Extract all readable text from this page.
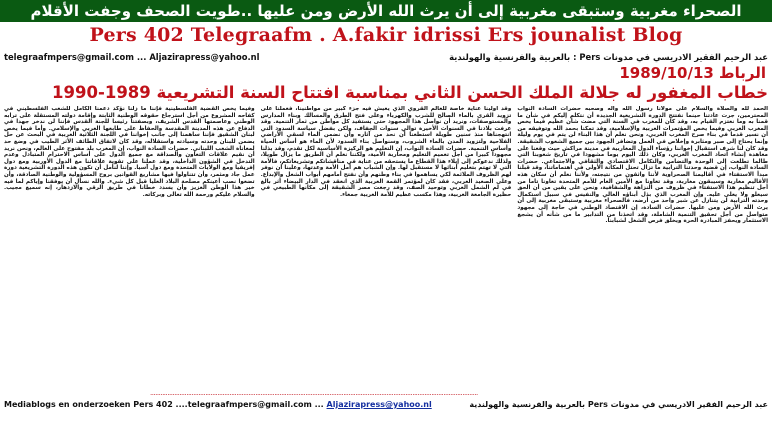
الصحراء مغربية وستبقى مغربية إلى أن يرث الله الأرض ومن عليها ..طويت الصحف وجفت الأقلام
Pers 402 Telegraafm . A.fakir idrissi Ers jounalist Blog
telegraafmpers@gmail.com ... Aljazirapress@yahoo.nl	عبد الرحيم الفقير الادريسي في مدونات Pers : بالعربية والفرنسية والهولندية
الرباط 1989/10/13
خطاب المغفور له جلالة الملك الحسن الثاني بمناسبة افتتاح السنة التشريعية 1989-1990

الحمد لله والصلاة والسلام على مولانا رسول الله وآله وصحبه حضرات السادة النواب المحترمين، جرت عادتنا حينما نفتتح الدورة التشريعية الجديدة أن نتكلم إليكم في شأن ما قمنا به وما نعتزم القيام به، وقد كان للمغرب في السنة التي مضت شأن عظيم فيما يخص المغرب العربي وفيما يخص المؤتمرات العربية والإسلامية، وقد تمكنا بحمد الله وتوفيقه من أن نسير قدما في بناء صرح المغرب العربي، ونحن نعلم أن هذا البناء لن يتم في يوم وليلة وإنما يحتاج إلى صبر ومثابرة وإخلاص في العمل وتضافر الجهود بين جميع الشعوب الشقيقة. وقد كان لنا شرف استقبال إخواننا رؤساء الدول المغاربية في مدينة مراكش حيث وقعنا على معاهدة إنشاء اتحاد المغرب العربي، وكان ذلك اليوم يوما مشهودا في تاريخ شعوبنا التي طالما تطلعت إلى الوحدة والتضامن والتكامل الاقتصادي والثقافي والاجتماعي. حضرات السادة النواب، إن قضية وحدتنا الترابية ما تزال تحتل المكانة الأولى في اهتماماتنا، وقد قبلنا مبدأ الاستفتاء في أقاليمنا الصحراوية لأننا واثقون من نتيجته، ولأننا نعلم أن سكان هذه الأقاليم مغاربة وسيبقون مغاربة، وقد تعاونا مع الأمين العام للأمم المتحدة تعاونا تاما من أجل تنظيم هذا الاستفتاء في ظروف من النزاهة والشفافية، ونحن على يقين من أن الحق سيعلو ولا يعلى عليه. وإن المغرب الذي بذل أبناؤه الغالي والنفيس في سبيل استكمال وحدته الترابية لن يتنازل عن شبر واحد من أرضه، فالصحراء مغربية وستبقى مغربية إلى أن يرث الله الأرض ومن عليها. حضرات السادة، إن الاقتصاد الوطني في حاجة إلى مجهود متواصل من أجل تحقيق التنمية الشاملة، وقد اتخذنا من التدابير ما من شأنه أن يشجع الاستثمار ويحفز المبادرة الحرة ويخلق فرص الشغل لشبابنا.

وقد أولينا عناية خاصة للعالم القروي الذي يعيش فيه جزء كبير من مواطنينا، فعملنا على تزويد القرى بالماء الصالح للشرب والكهرباء وعلى فتح الطرق والمسالك وبناء المدارس والمستوصفات، ونريد أن نواصل هذا المجهود حتى يستفيد كل مواطن من ثمار التنمية. وقد عرفت بلادنا في السنوات الأخيرة توالي سنوات الجفاف، ولكن بفضل سياسة السدود التي انتهجناها منذ سنين طويلة استطعنا أن نحد من آثاره وأن نضمن الماء لسقي الأراضي الفلاحية ولتزويد المدن بالماء الشروب، وسنواصل بناء السدود لأن الماء هو أساس الحياة وأساس التنمية. حضرات السادة النواب، إن التعليم هو الركيزة الأساسية لكل تقدم، وقد بذلنا مجهودا كبيرا من أجل تعميم التعليم ومحاربة الأمية، ولكننا نعلم أن الطريق ما يزال طويلا، ولذلك ندعوكم إلى إيلاء هذا القطاع ما يستحقه من عناية في مناقشاتكم وتشريعاتكم، فالأمة التي لا تهتم بتعليم أبنائها لا مستقبل لها. وإن الشباب هم أمل الأمة وعدتها، وعلينا أن نوفر لهم الظروف الملائمة لكي يساهموا في بناء وطنهم وأن نفتح أمامهم أبواب الشغل والإبداع. وعلى الصعيد العربي، فقد كان لمؤتمر القمة العربية الذي انعقد في الدار البيضاء أثر بالغ في لم الشمل العربي وتوحيد الصف، وقد رجعت مصر الشقيقة إلى مكانها الطبيعي في حظيرة الجامعة العربية، وهذا مكسب عظيم للأمة العربية جمعاء.

وفيما يخص القضية الفلسطينية فإننا ما زلنا نؤكد دعمنا الكامل للشعب الفلسطيني في كفاحه المشروع من أجل استرجاع حقوقه الوطنية الثابتة وإقامة دولته المستقلة على ترابه الوطني وعاصمتها القدس الشريف، وبصفتنا رئيسا للجنة القدس فإننا لن ندخر جهدا في الدفاع عن هذه المدينة المقدسة والحفاظ على طابعها العربي والإسلامي. وأما فيما يخص لبنان الشقيق فإننا ساهمنا إلى جانب إخواننا في اللجنة الثلاثية العربية في البحث عن حل يضمن للبنان وحدته وسيادته واستقلاله، وقد كان لاتفاق الطائف الأثر الطيب في وضع حد لمعاناة الشعب اللبناني. حضرات السادة النواب، إن المغرب بلد مفتوح على العالم، ونحن نريد أن نقيم علاقات التعاون والصداقة مع جميع الدول على أساس الاحترام المتبادل وعدم التدخل في الشؤون الداخلية، وقد عملنا على تقوية علاقاتنا مع الدول الأوربية ومع دول إفريقيا ومع الولايات المتحدة ومع دول آسيا. وإننا لنأمل أن تكون هذه الدورة التشريعية دورة عمل جاد ومثمر، وأن تتناولوا فيها مشاريع القوانين بروح المسؤولية والوطنية الصادقة، وأن تضعوا نصب أعينكم مصلحة البلاد العليا قبل كل شيء. والله نسأل أن يوفقنا وإياكم لما فيه خير هذا الوطن العزيز وأن يسدد خطانا في طريق الرقي والازدهار، إنه سميع مجيب. والسلام عليكم ورحمة الله تعالى وبركاته.

..............................................................................................................................................................................................
Mediablogs en onderzoeken Pers 402 ....telegraafmpers@gmail.com ... Aljazirapress@yahoo.nl	عبد الرحيم الفقير الادريسي في مدونات Pers بالعربية والفرنسية والهولندية
